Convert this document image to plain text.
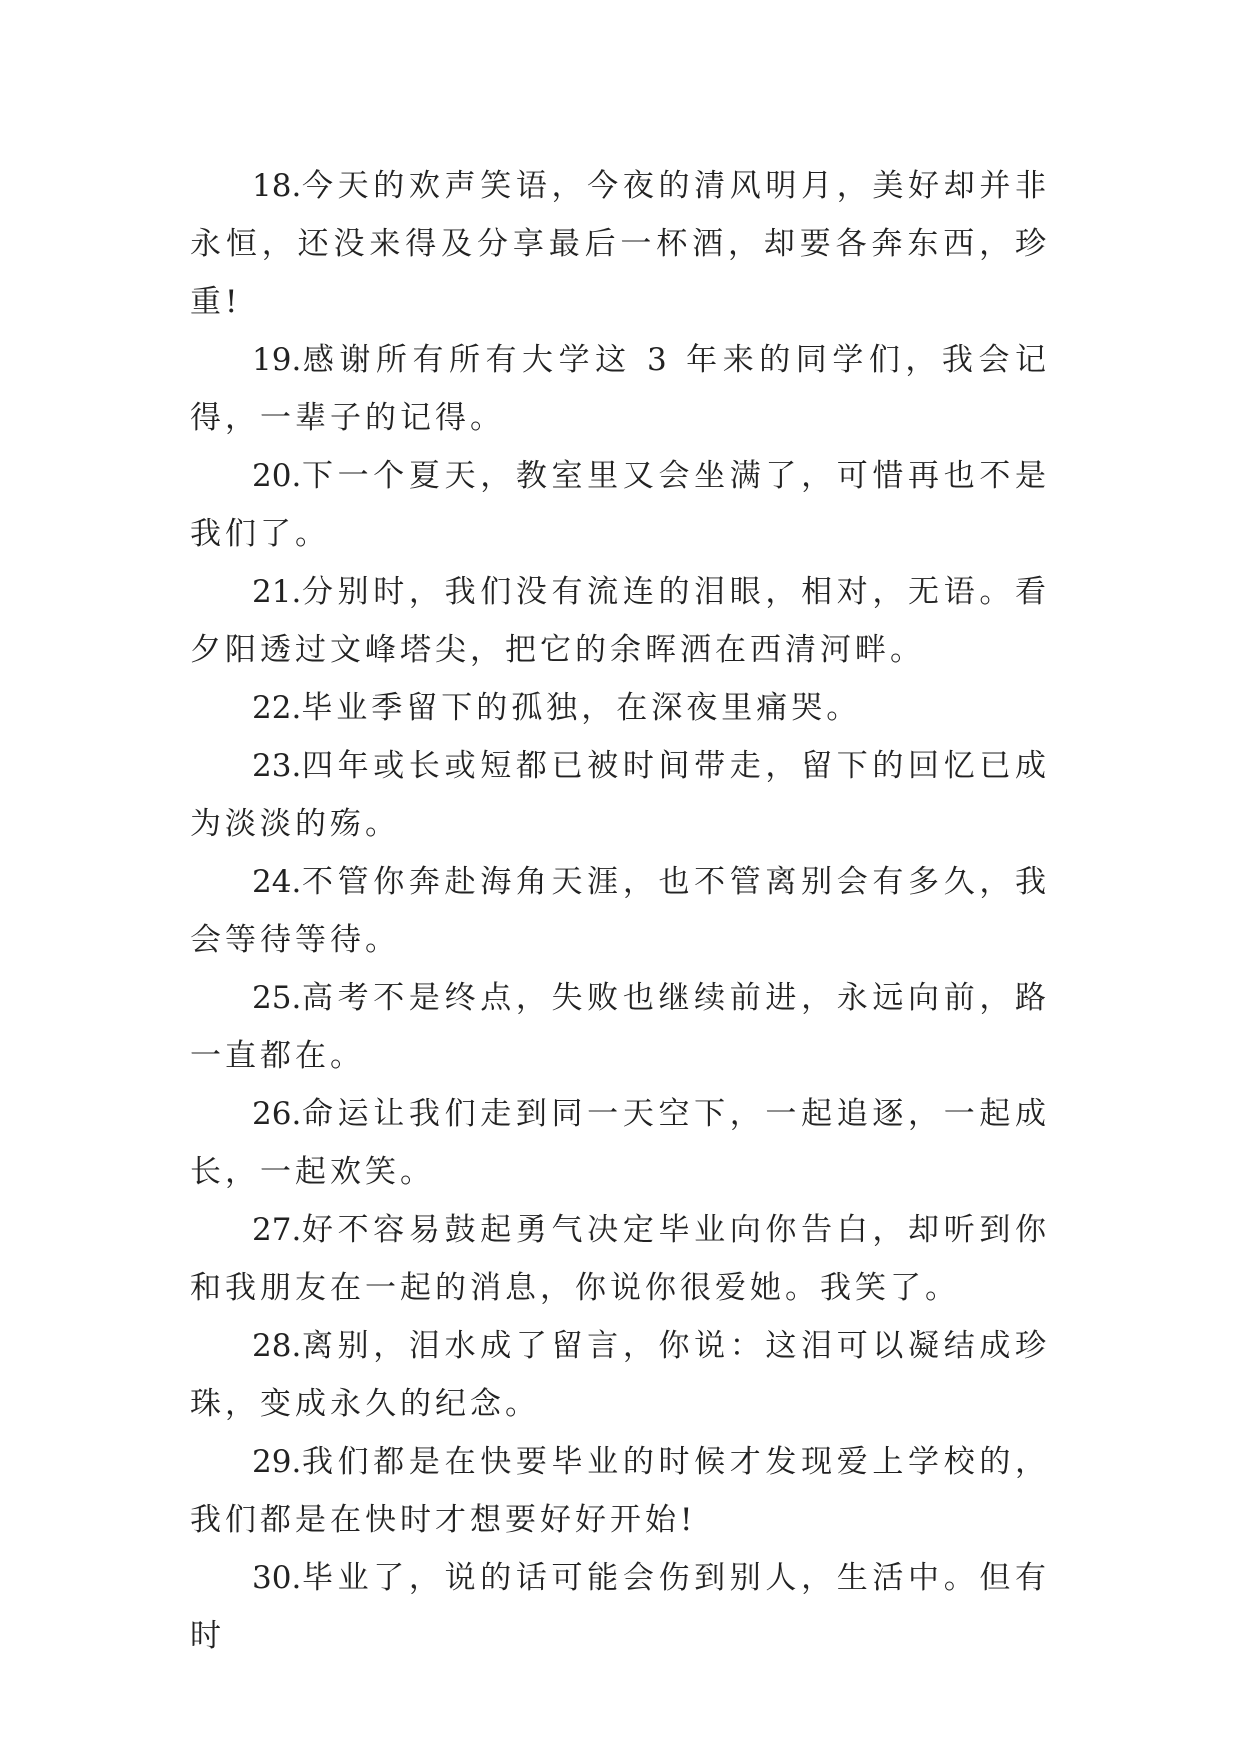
18.今天的欢声笑语，今夜的清风明月，美好却并非永恒，还没来得及分享最后一杯酒，却要各奔东西，珍重!

19.感谢所有所有大学这 3 年来的同学们，我会记得，一辈子的记得。

20.下一个夏天，教室里又会坐满了，可惜再也不是我们了。

21.分别时，我们没有流连的泪眼，相对，无语。看夕阳透过文峰塔尖，把它的余晖洒在西清河畔。

22.毕业季留下的孤独，在深夜里痛哭。

23.四年或长或短都已被时间带走，留下的回忆已成为淡淡的殇。

24.不管你奔赴海角天涯，也不管离别会有多久，我会等待等待。

25.高考不是终点，失败也继续前进，永远向前，路一直都在。

26.命运让我们走到同一天空下，一起追逐，一起成长，一起欢笑。

27.好不容易鼓起勇气决定毕业向你告白，却听到你和我朋友在一起的消息，你说你很爱她。我笑了。

28.离别，泪水成了留言，你说：这泪可以凝结成珍珠，变成永久的纪念。

29.我们都是在快要毕业的时候才发现爱上学校的，我们都是在快时才想要好好开始!

30.毕业了，说的话可能会伤到别人，生活中。但有时
